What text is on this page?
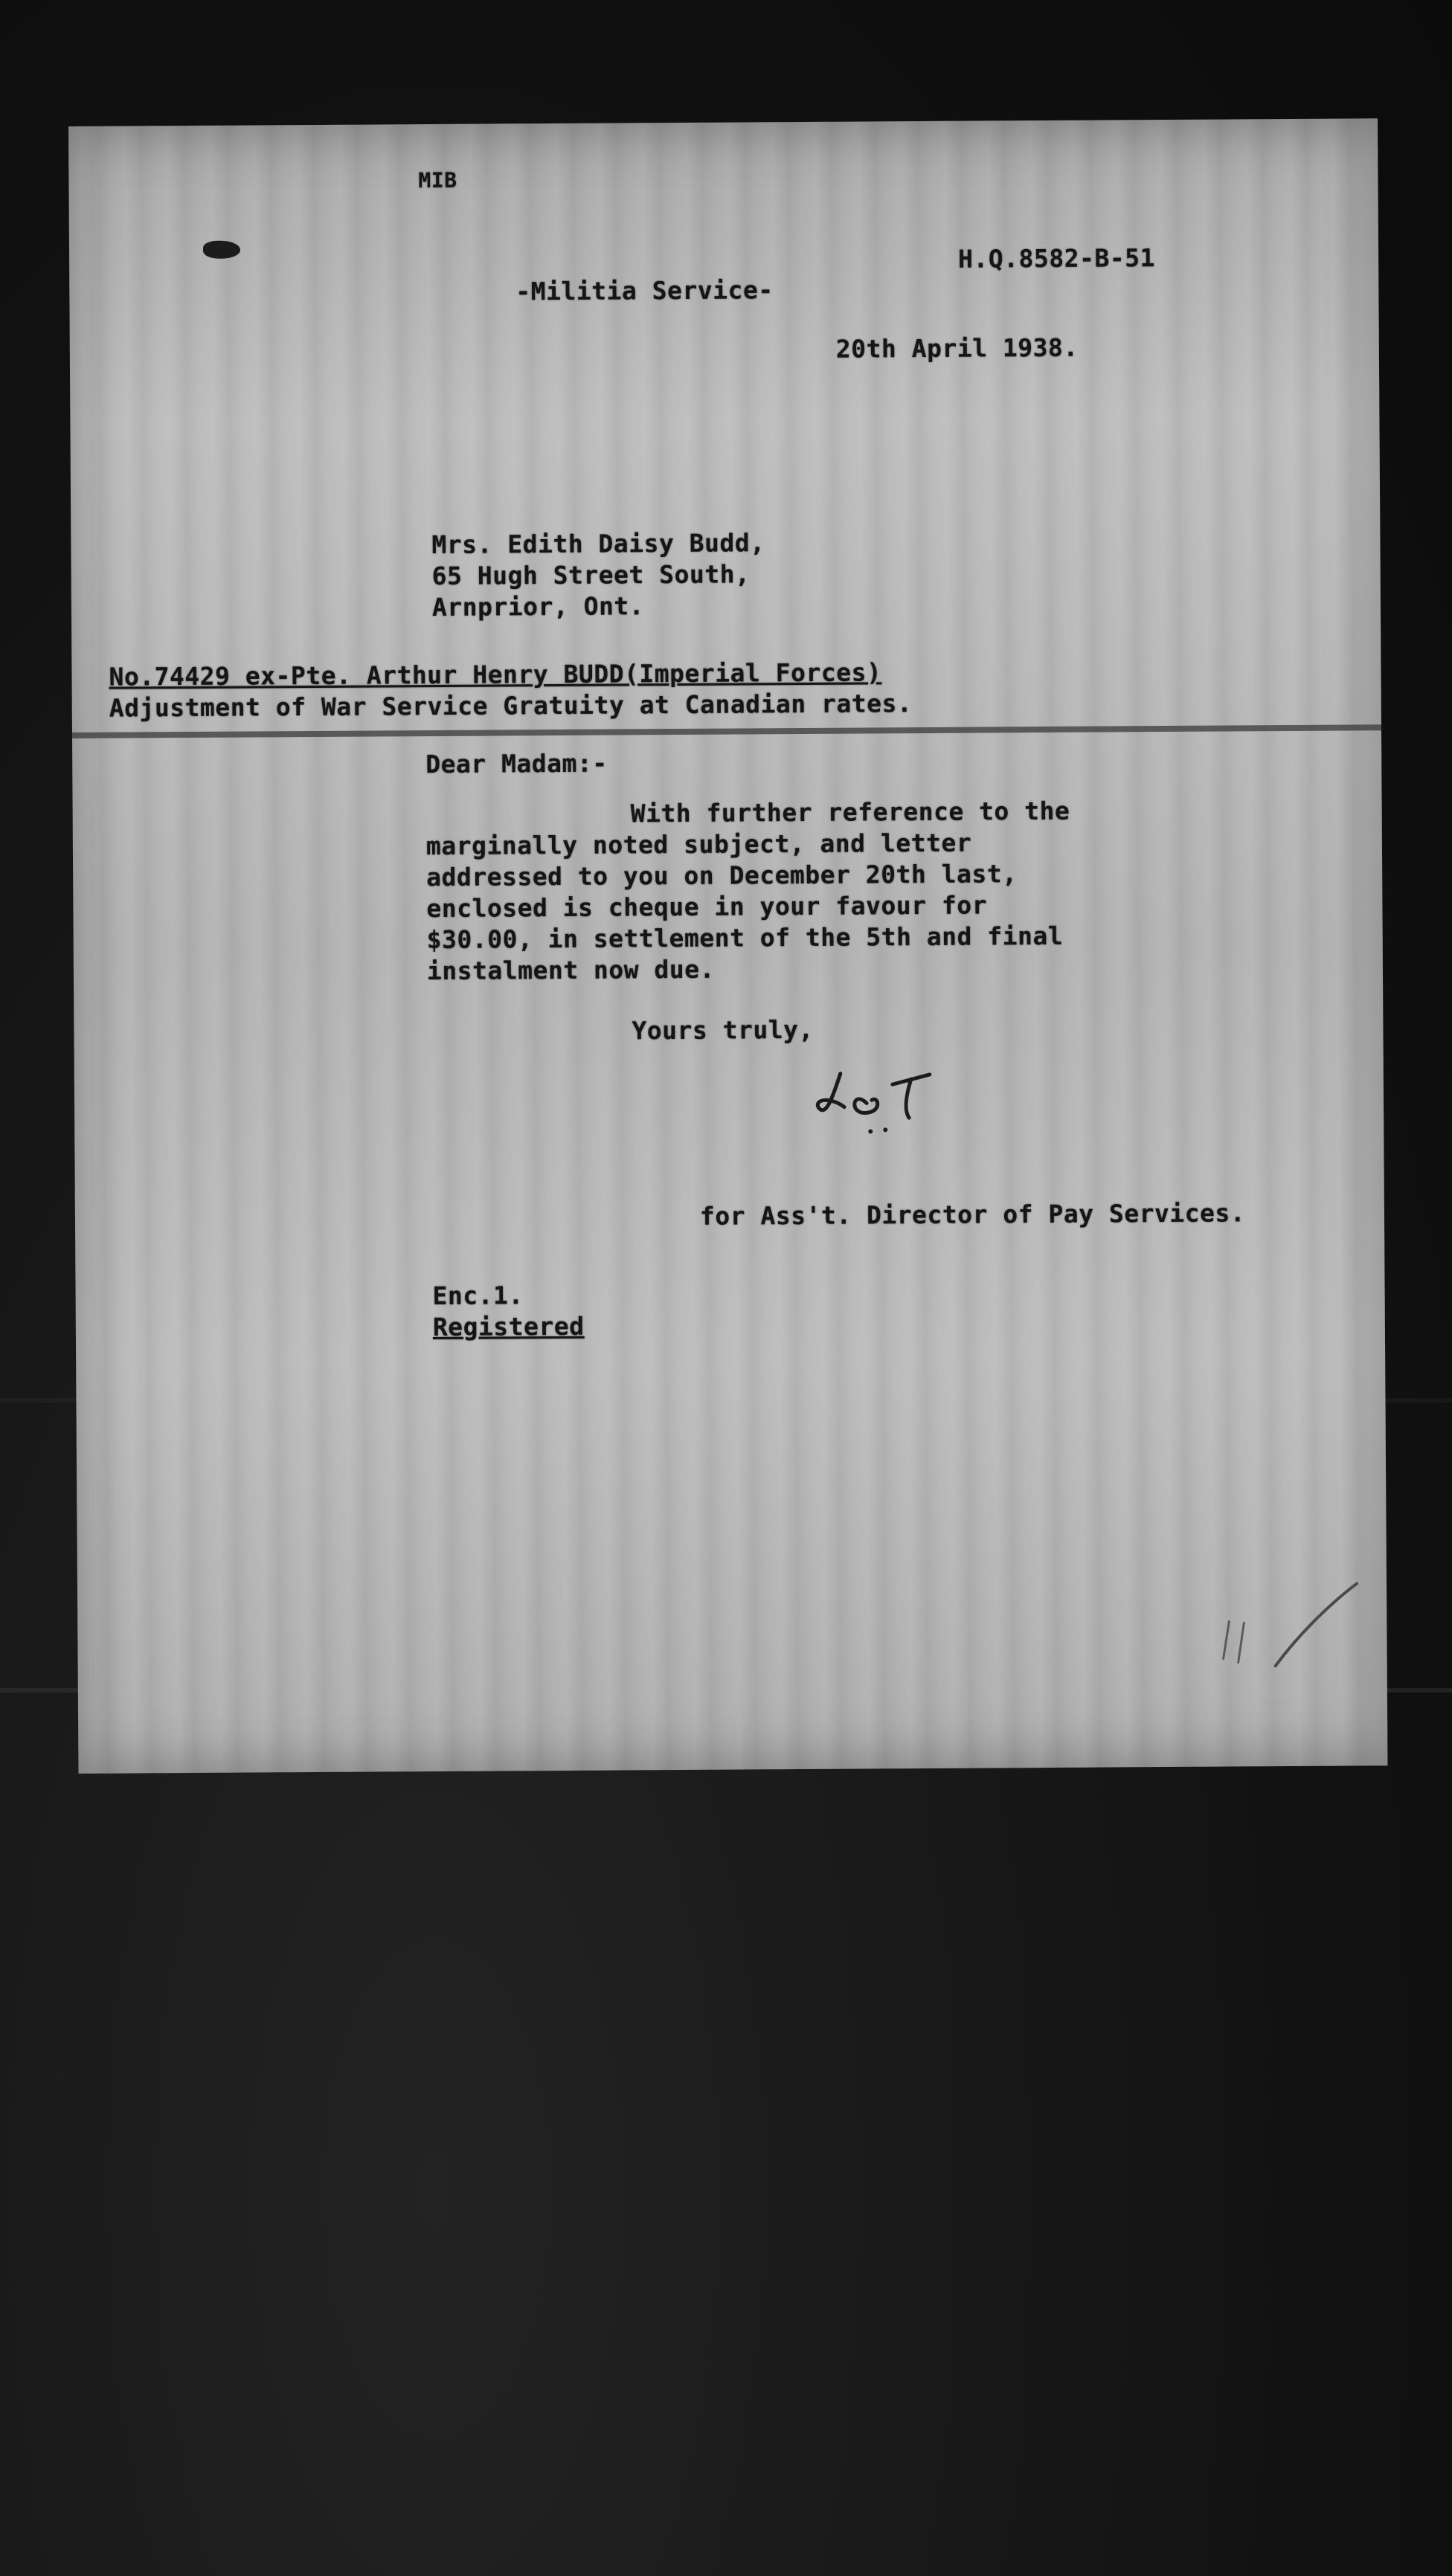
MIB
H.Q.8582-B-51
-Militia Service-
20th April 1938.
Mrs. Edith Daisy Budd,
65 Hugh Street South,
Arnprior, Ont.
No.74429 ex-Pte. Arthur Henry BUDD(Imperial Forces)
Adjustment of War Service Gratuity at Canadian rates.
Dear Madam:-
With further reference to the
marginally noted subject, and letter
addressed to you on December 20th last,
enclosed is cheque in your favour for
$30.00, in settlement of the 5th and final
instalment now due.
Yours truly,
for Ass't. Director of Pay Services.
Enc.1.
Registered
